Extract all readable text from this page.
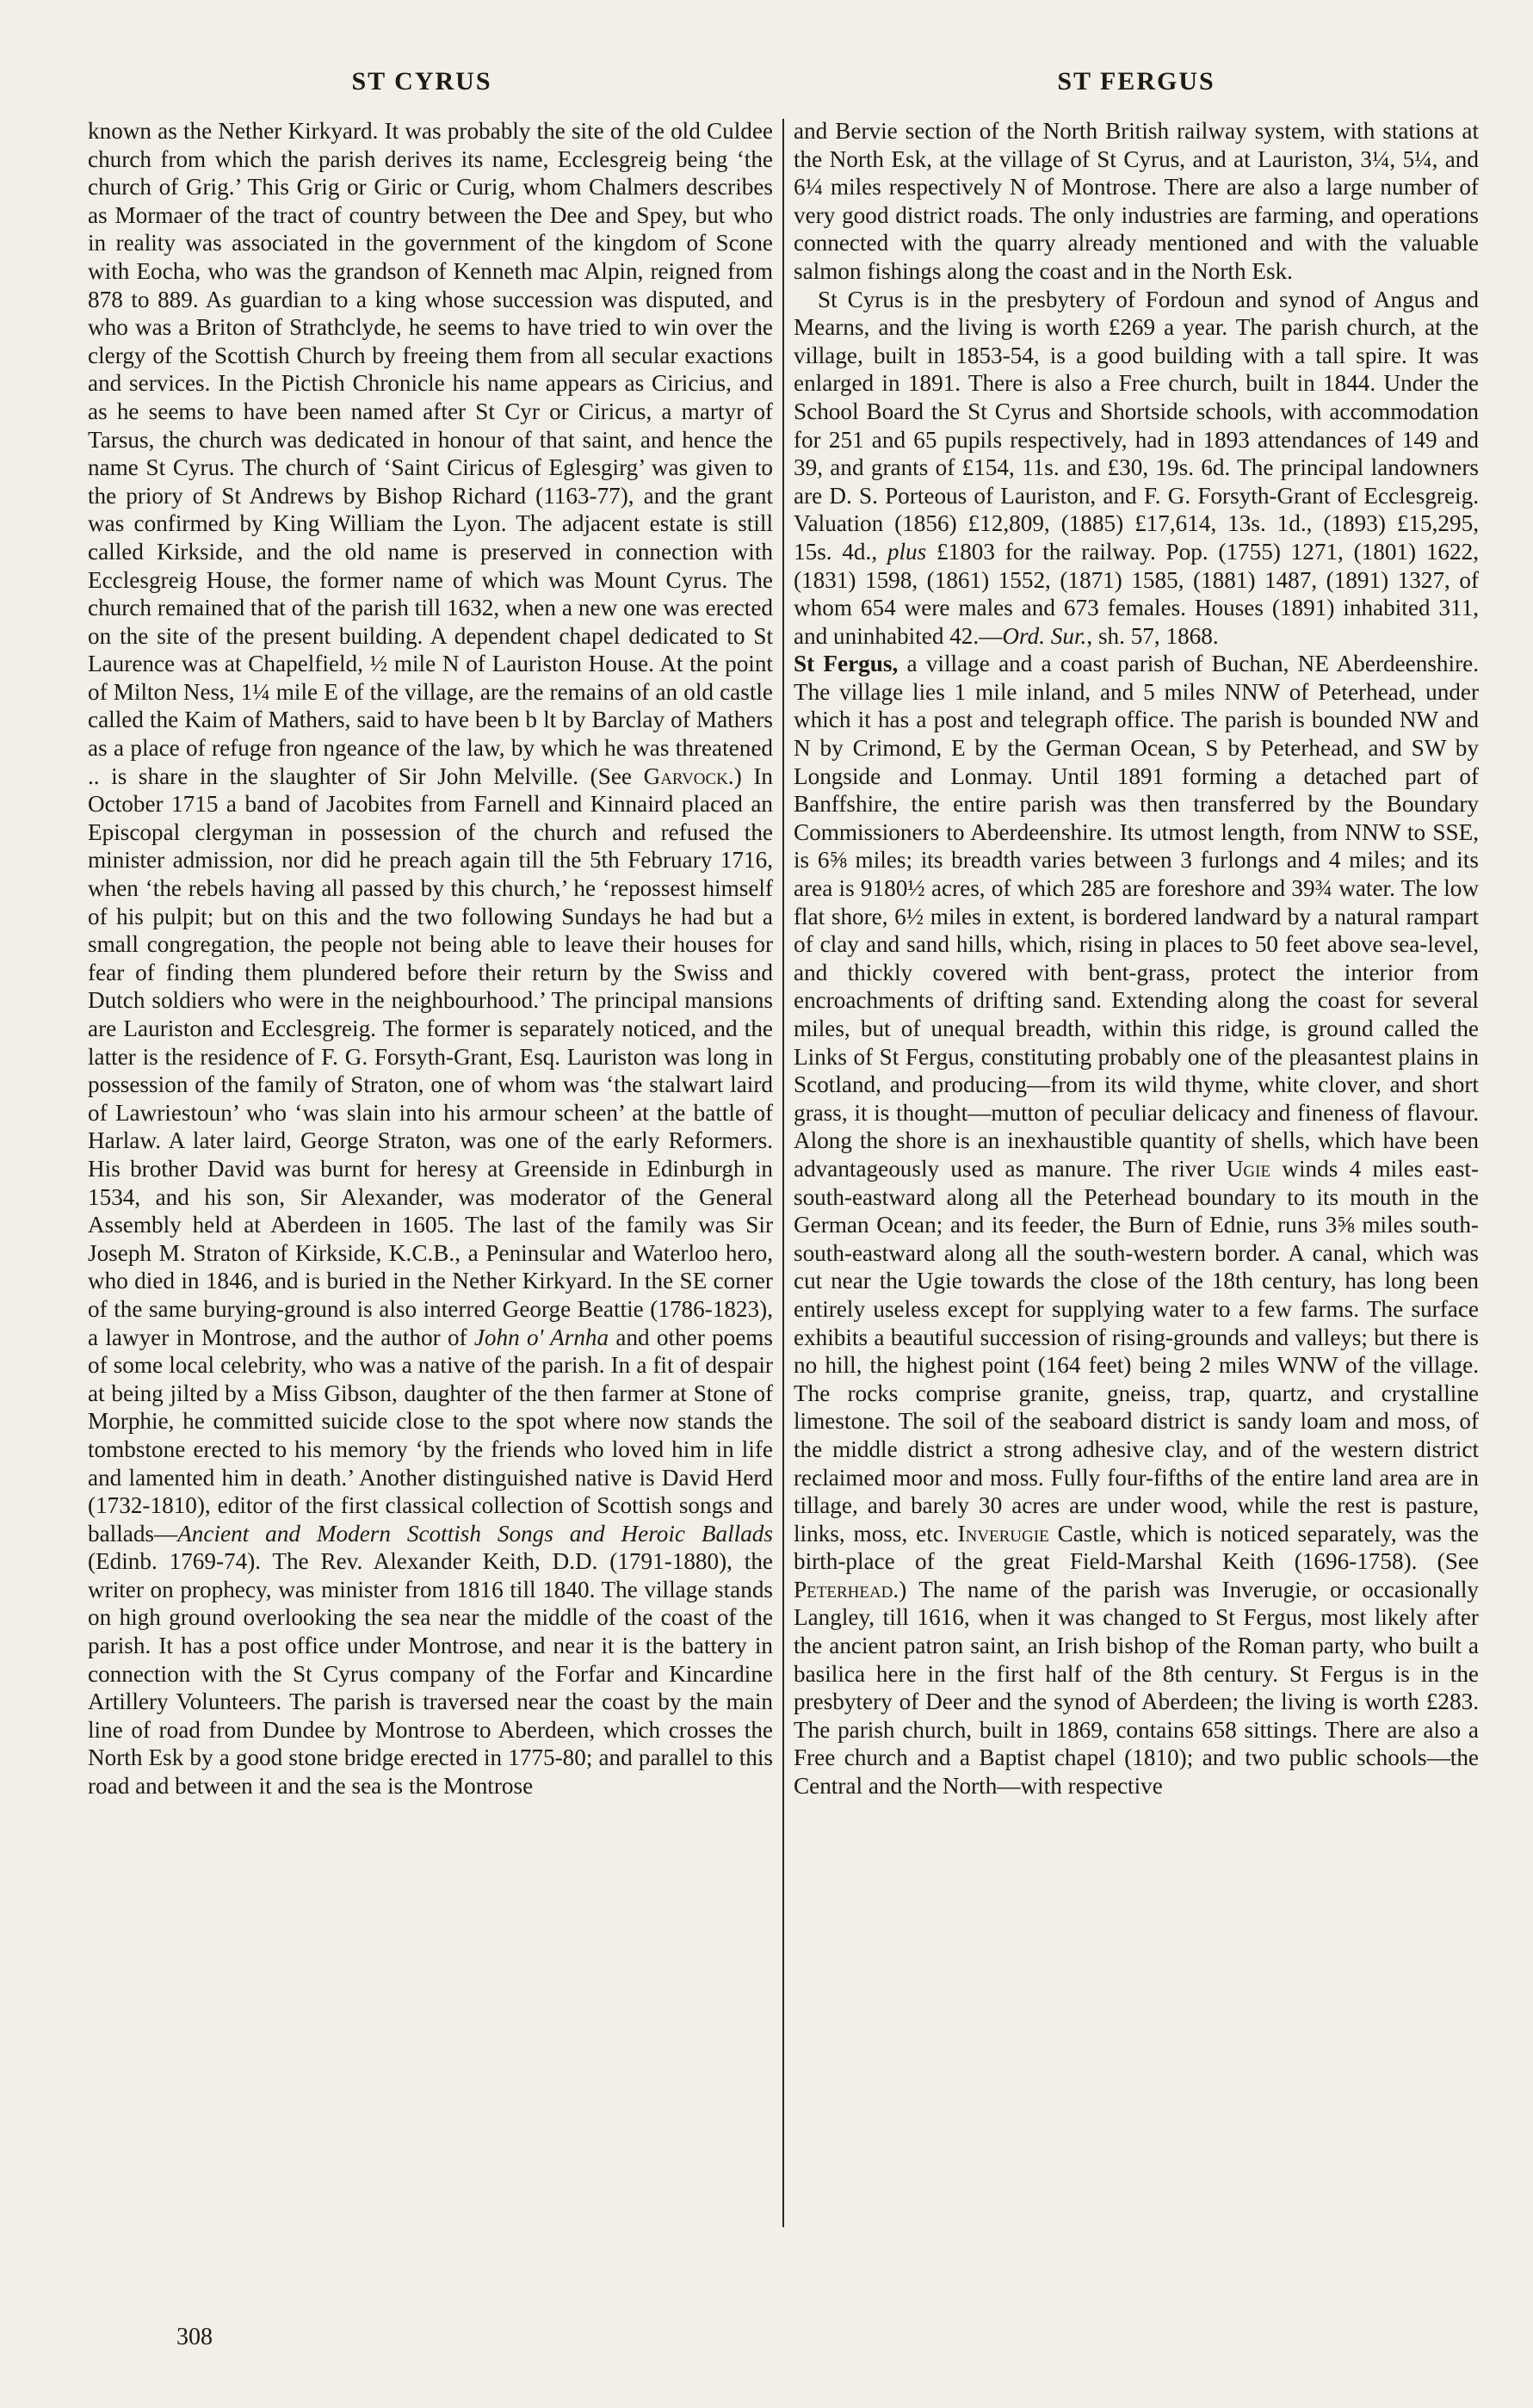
ST CYRUS	ST FERGUS

known as the Nether Kirkyard. It was probably the site of the old Culdee church from which the parish derives its name, Ecclesgreig being ‘the church of Grig.’ This Grig or Giric or Curig, whom Chalmers describes as Mormaer of the tract of country between the Dee and Spey, but who in reality was associated in the government of the kingdom of Scone with Eocha, who was the grandson of Kenneth mac Alpin, reigned from 878 to 889. As guardian to a king whose succession was disputed, and who was a Briton of Strathclyde, he seems to have tried to win over the clergy of the Scottish Church by freeing them from all secular exactions and services. In the Pictish Chronicle his name appears as Ciricius, and as he seems to have been named after St Cyr or Ciricus, a martyr of Tarsus, the church was dedicated in honour of that saint, and hence the name St Cyrus. The church of ‘Saint Ciricus of Eglesgirg’ was given to the priory of St Andrews by Bishop Richard (1163-77), and the grant was confirmed by King William the Lyon. The adjacent estate is still called Kirkside, and the old name is preserved in connection with Ecclesgreig House, the former name of which was Mount Cyrus. The church remained that of the parish till 1632, when a new one was erected on the site of the present building. A dependent chapel dedicated to St Laurence was at Chapelfield, ½ mile N of Lauriston House. At the point of Milton Ness, 1¼ mile E of the village, are the remains of an old castle called the Kaim of Mathers, said to have been b lt by Barclay of Mathers as a place of refuge fron ngeance of the law, by which he was threatened .. is share in the slaughter of Sir John Melville. (See Garvock.) In October 1715 a band of Jacobites from Farnell and Kinnaird placed an Episcopal clergyman in possession of the church and refused the minister admission, nor did he preach again till the 5th February 1716, when ‘the rebels having all passed by this church,’ he ‘repossest himself of his pulpit; but on this and the two following Sundays he had but a small congregation, the people not being able to leave their houses for fear of finding them plundered before their return by the Swiss and Dutch soldiers who were in the neighbourhood.’ The principal mansions are Lauriston and Ecclesgreig. The former is separately noticed, and the latter is the residence of F. G. Forsyth-Grant, Esq. Lauriston was long in possession of the family of Straton, one of whom was ‘the stalwart laird of Lawriestoun’ who ‘was slain into his armour scheen’ at the battle of Harlaw. A later laird, George Straton, was one of the early Reformers. His brother David was burnt for heresy at Greenside in Edinburgh in 1534, and his son, Sir Alexander, was moderator of the General Assembly held at Aberdeen in 1605. The last of the family was Sir Joseph M. Straton of Kirkside, K.C.B., a Peninsular and Waterloo hero, who died in 1846, and is buried in the Nether Kirkyard. In the SE corner of the same burying-ground is also interred George Beattie (1786-1823), a lawyer in Montrose, and the author of John o' Arnha and other poems of some local celebrity, who was a native of the parish. In a fit of despair at being jilted by a Miss Gibson, daughter of the then farmer at Stone of Morphie, he committed suicide close to the spot where now stands the tombstone erected to his memory ‘by the friends who loved him in life and lamented him in death.’ Another distinguished native is David Herd (1732-1810), editor of the first classical collection of Scottish songs and ballads—Ancient and Modern Scottish Songs and Heroic Ballads (Edinb. 1769-74). The Rev. Alexander Keith, D.D. (1791-1880), the writer on prophecy, was minister from 1816 till 1840. The village stands on high ground overlooking the sea near the middle of the coast of the parish. It has a post office under Montrose, and near it is the battery in connection with the St Cyrus company of the Forfar and Kincardine Artillery Volunteers. The parish is traversed near the coast by the main line of road from Dundee by Montrose to Aberdeen, which crosses the North Esk by a good stone bridge erected in 1775-80; and parallel to this road and between it and the sea is the Montrose

and Bervie section of the North British railway system, with stations at the North Esk, at the village of St Cyrus, and at Lauriston, 3¼, 5¼, and 6¼ miles respectively N of Montrose. There are also a large number of very good district roads. The only industries are farming, and operations connected with the quarry already mentioned and with the valuable salmon fishings along the coast and in the North Esk.

St Cyrus is in the presbytery of Fordoun and synod of Angus and Mearns, and the living is worth £269 a year. The parish church, at the village, built in 1853-54, is a good building with a tall spire. It was enlarged in 1891. There is also a Free church, built in 1844. Under the School Board the St Cyrus and Shortside schools, with accommodation for 251 and 65 pupils respectively, had in 1893 attendances of 149 and 39, and grants of £154, 11s. and £30, 19s. 6d. The principal landowners are D. S. Porteous of Lauriston, and F. G. Forsyth-Grant of Ecclesgreig. Valuation (1856) £12,809, (1885) £17,614, 13s. 1d., (1893) £15,295, 15s. 4d., plus £1803 for the railway. Pop. (1755) 1271, (1801) 1622, (1831) 1598, (1861) 1552, (1871) 1585, (1881) 1487, (1891) 1327, of whom 654 were males and 673 females. Houses (1891) inhabited 311, and uninhabited 42.—Ord. Sur., sh. 57, 1868.

St Fergus, a village and a coast parish of Buchan, NE Aberdeenshire. The village lies 1 mile inland, and 5 miles NNW of Peterhead, under which it has a post and telegraph office. The parish is bounded NW and N by Crimond, E by the German Ocean, S by Peterhead, and SW by Longside and Lonmay. Until 1891 forming a detached part of Banffshire, the entire parish was then transferred by the Boundary Commissioners to Aberdeenshire. Its utmost length, from NNW to SSE, is 6⅝ miles; its breadth varies between 3 furlongs and 4 miles; and its area is 9180½ acres, of which 285 are foreshore and 39¾ water. The low flat shore, 6½ miles in extent, is bordered landward by a natural rampart of clay and sand hills, which, rising in places to 50 feet above sea-level, and thickly covered with bent-grass, protect the interior from encroachments of drifting sand. Extending along the coast for several miles, but of unequal breadth, within this ridge, is ground called the Links of St Fergus, constituting probably one of the pleasantest plains in Scotland, and producing—from its wild thyme, white clover, and short grass, it is thought—mutton of peculiar delicacy and fineness of flavour. Along the shore is an inexhaustible quantity of shells, which have been advantageously used as manure. The river Ugie winds 4 miles east-south-eastward along all the Peterhead boundary to its mouth in the German Ocean; and its feeder, the Burn of Ednie, runs 3⅝ miles south-south-eastward along all the south-western border. A canal, which was cut near the Ugie towards the close of the 18th century, has long been entirely useless except for supplying water to a few farms. The surface exhibits a beautiful succession of rising-grounds and valleys; but there is no hill, the highest point (164 feet) being 2 miles WNW of the village. The rocks comprise granite, gneiss, trap, quartz, and crystalline limestone. The soil of the seaboard district is sandy loam and moss, of the middle district a strong adhesive clay, and of the western district reclaimed moor and moss. Fully four-fifths of the entire land area are in tillage, and barely 30 acres are under wood, while the rest is pasture, links, moss, etc. Inverugie Castle, which is noticed separately, was the birth-place of the great Field-Marshal Keith (1696-1758). (See Peterhead.) The name of the parish was Inverugie, or occasionally Langley, till 1616, when it was changed to St Fergus, most likely after the ancient patron saint, an Irish bishop of the Roman party, who built a basilica here in the first half of the 8th century. St Fergus is in the presbytery of Deer and the synod of Aberdeen; the living is worth £283. The parish church, built in 1869, contains 658 sittings. There are also a Free church and a Baptist chapel (1810); and two public schools—the Central and the North—with respective

308
